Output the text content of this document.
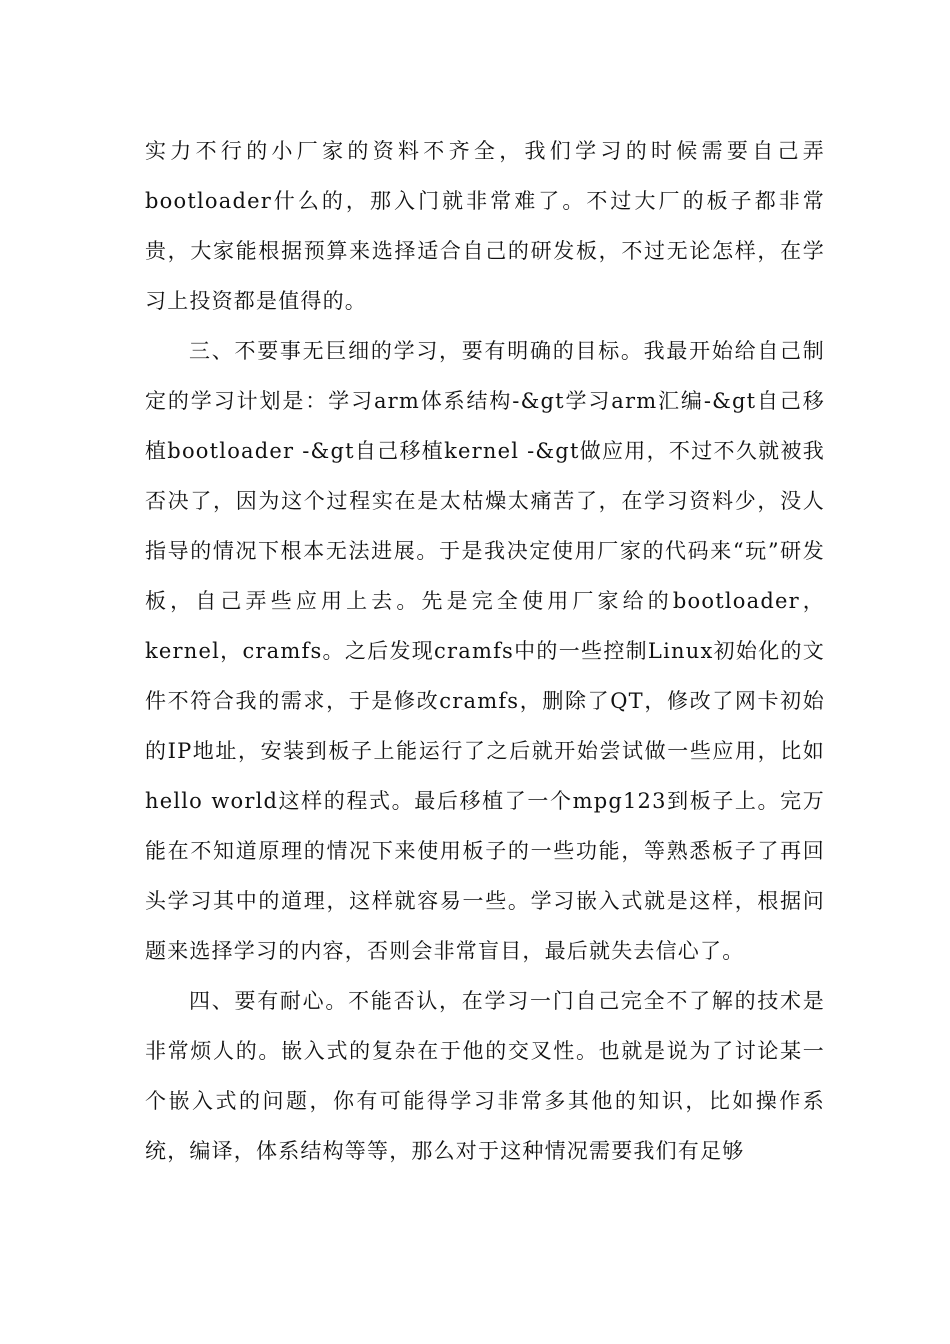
实力不行的小厂家的资料不齐全，我们学习的时候需要自己弄bootloader什么的，那入门就非常难了。不过大厂的板子都非常贵，大家能根据预算来选择适合自己的研发板，不过无论怎样，在学习上投资都是值得的。

三、不要事无巨细的学习，要有明确的目标。我最开始给自己制定的学习计划是：学习arm体系结构-&gt学习arm汇编-&gt自己移植bootloader -&gt自己移植kernel -&gt做应用，不过不久就被我否决了，因为这个过程实在是太枯燥太痛苦了，在学习资料少，没人指导的情况下根本无法进展。于是我决定使用厂家的代码来“玩”研发板，自己弄些应用上去。先是完全使用厂家给的bootloader，kernel，cramfs。之后发现cramfs中的一些控制Linux初始化的文件不符合我的需求，于是修改cramfs，删除了QT，修改了网卡初始的IP地址，安装到板子上能运行了之后就开始尝试做一些应用，比如hello world这样的程式。最后移植了一个mpg123到板子上。完万能在不知道原理的情况下来使用板子的一些功能，等熟悉板子了再回头学习其中的道理，这样就容易一些。学习嵌入式就是这样，根据问题来选择学习的内容，否则会非常盲目，最后就失去信心了。

四、要有耐心。不能否认，在学习一门自己完全不了解的技术是非常烦人的。嵌入式的复杂在于他的交叉性。也就是说为了讨论某一个嵌入式的问题，你有可能得学习非常多其他的知识，比如操作系统，编译，体系结构等等，那么对于这种情况需要我们有足够
